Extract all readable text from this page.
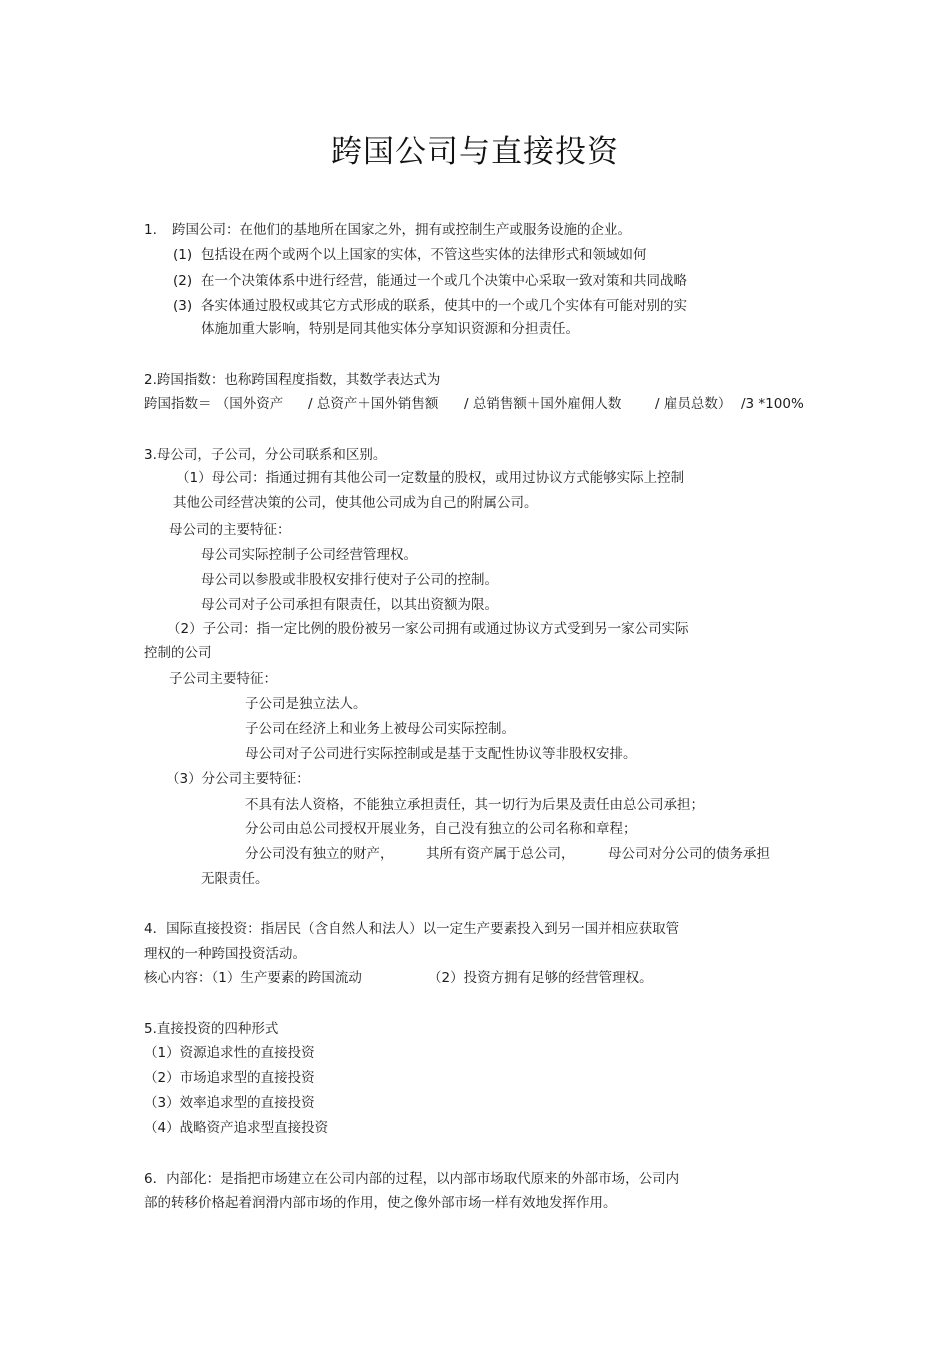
跨国公司与直接投资
1. 跨国公司：在他们的基地所在国家之外，拥有或控制生产或服务设施的企业。
(1) 包括设在两个或两个以上国家的实体，不管这些实体的法律形式和领域如何
(2) 在一个决策体系中进行经营，能通过一个或几个决策中心采取一致对策和共同战略
(3) 各实体通过股权或其它方式形成的联系，使其中的一个或几个实体有可能对别的实
体施加重大影响，特别是同其他实体分享知识资源和分担责任。
2.跨国指数：也称跨国程度指数，其数学表达式为
跨国指数＝ （国外资产 / 总资产＋国外销售额 / 总销售额＋国外雇佣人数 / 雇员总数） /3 *100%
3.母公司，子公司，分公司联系和区别。
（1）母公司：指通过拥有其他公司一定数量的股权，或用过协议方式能够实际上控制
其他公司经营决策的公司，使其他公司成为自己的附属公司。
母公司的主要特征：
母公司实际控制子公司经营管理权。
母公司以参股或非股权安排行使对子公司的控制。
母公司对子公司承担有限责任，以其出资额为限。
（2）子公司：指一定比例的股份被另一家公司拥有或通过协议方式受到另一家公司实际
控制的公司
子公司主要特征：
子公司是独立法人。
子公司在经济上和业务上被母公司实际控制。
母公司对子公司进行实际控制或是基于支配性协议等非股权安排。
（3）分公司主要特征：
不具有法人资格，不能独立承担责任，其一切行为后果及责任由总公司承担；
分公司由总公司授权开展业务，自己没有独立的公司名称和章程；
分公司没有独立的财产， 其所有资产属于总公司， 母公司对分公司的债务承担
无限责任。
4．国际直接投资：指居民（含自然人和法人）以一定生产要素投入到另一国并相应获取管
理权的一种跨国投资活动。
核心内容：（1）生产要素的跨国流动	（2）投资方拥有足够的经营管理权。
5.直接投资的四种形式
（1）资源追求性的直接投资
（2）市场追求型的直接投资
（3）效率追求型的直接投资
（4）战略资产追求型直接投资
6．内部化：是指把市场建立在公司内部的过程，以内部市场取代原来的外部市场，公司内
部的转移价格起着润滑内部市场的作用，使之像外部市场一样有效地发挥作用。
